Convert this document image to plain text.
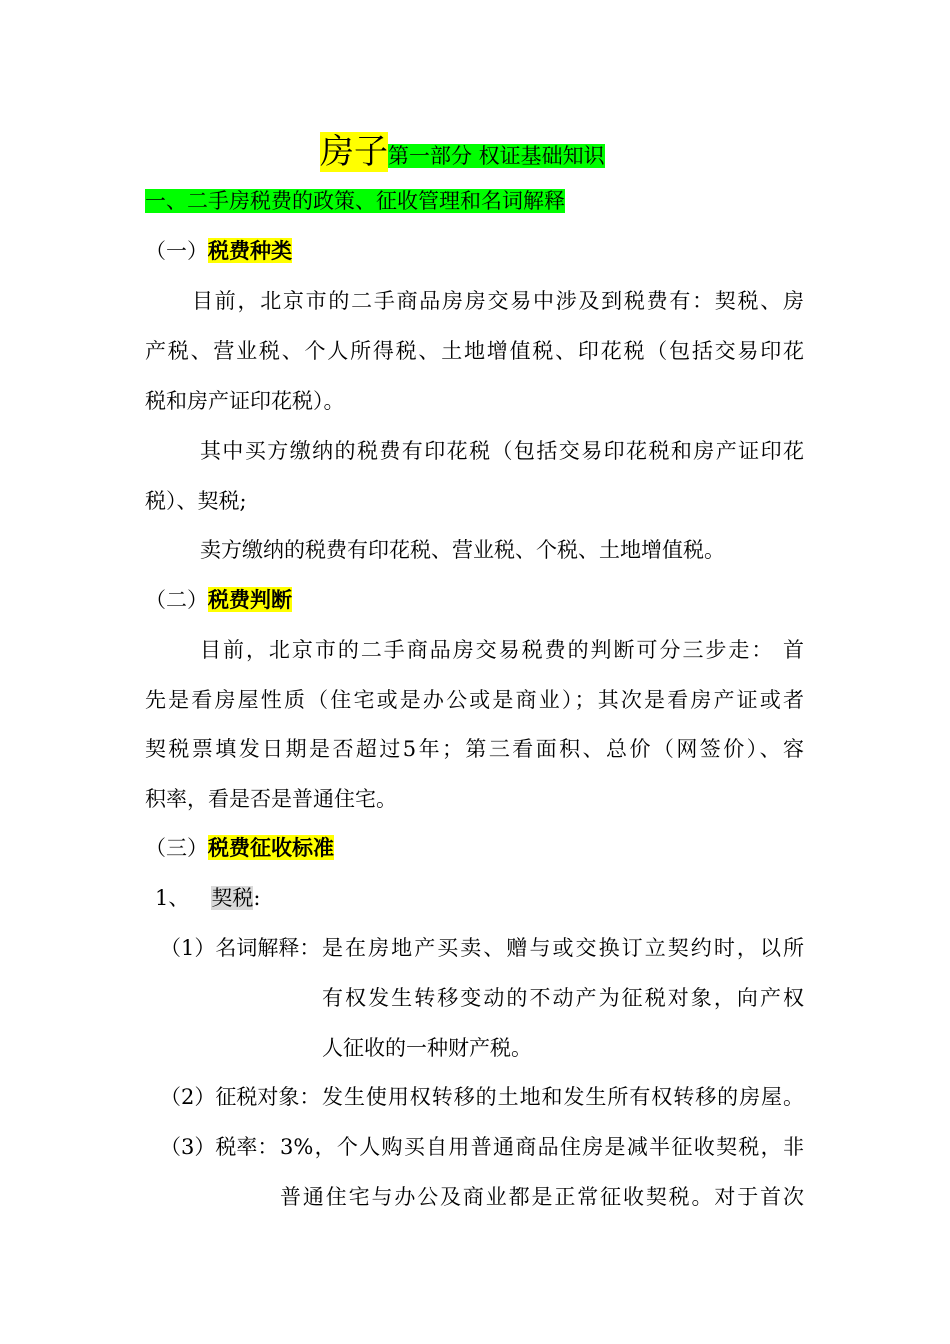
房子第一部分 权证基础知识
一、二手房税费的政策、征收管理和名词解释
（一）税费种类
目前，北京市的二手商品房房交易中涉及到税费有：契税、房
产税、营业税、个人所得税、土地增值税、印花税（包括交易印花
税和房产证印花税）。
其中买方缴纳的税费有印花税（包括交易印花税和房产证印花
税）、契税;
卖方缴纳的税费有印花税、营业税、个税、土地增值税。
（二）税费判断
目前，北京市的二手商品房交易税费的判断可分三步走： 首
先是看房屋性质（住宅或是办公或是商业）；其次是看房产证或者
契税票填发日期是否超过5年；第三看面积、总价（网签价）、容
积率，看是否是普通住宅。
（三）税费征收标准
1、 契税:
（1）名词解释： 是在房地产买卖、赠与或交换订立契约时，以所
有权发生转移变动的不动产为征税对象，向产权
人征收的一种财产税。
（2）征税对象： 发生使用权转移的土地和发生所有权转移的房屋。
（3）税率： 3%，个人购买自用普通商品住房是减半征收契税，非
普通住宅与办公及商业都是正常征收契税。对于首次
